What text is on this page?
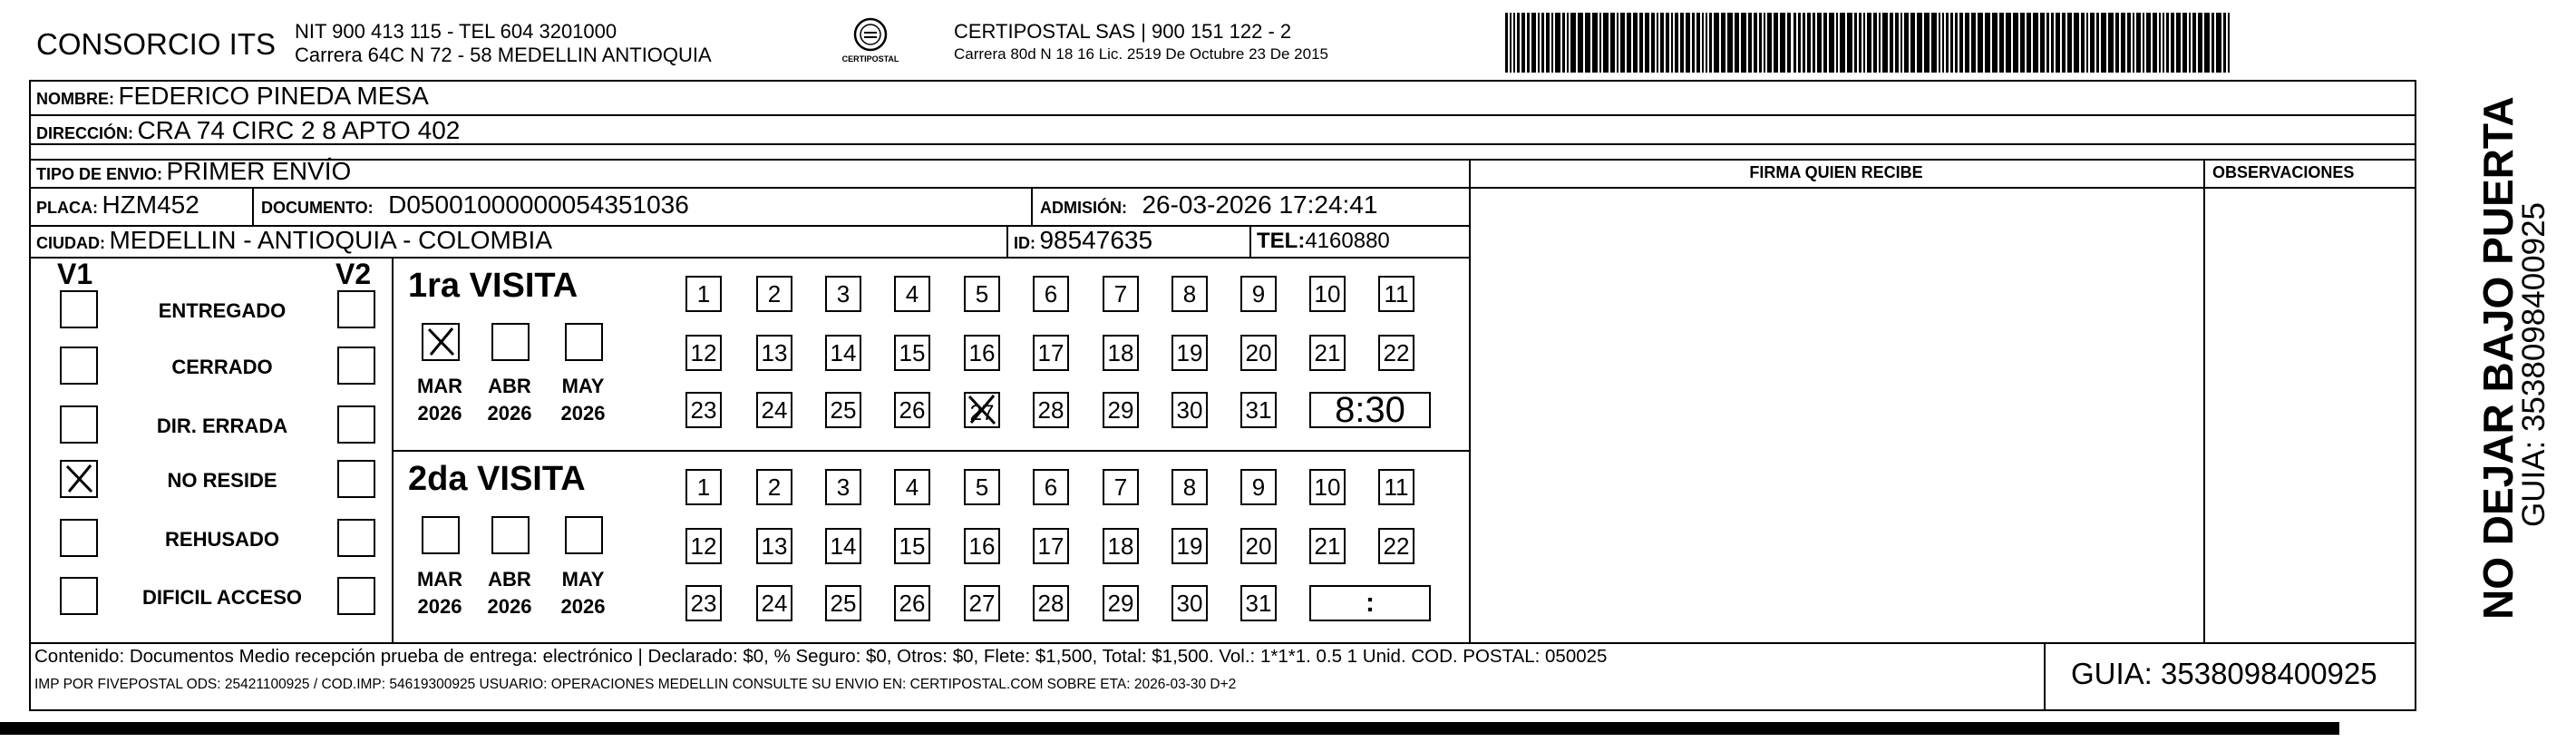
CONSORCIO ITS NIT 900 413 115 - TEL 604 3201000
Carrera 64C N 72 - 58 MEDELLIN ANTIOQUIA	CERTIPOSTAL
CERTIPOSTAL SAS | 900 151 122 - 2
Carrera 80d N 18 16 Lic. 2519 De Octubre 23 De 2015
NOMBRE: FEDERICO PINEDA MESA
DIRECCIÓN: CRA 74 CIRC 2 8 APTO 402
TIPO DE ENVIO: PRIMER ENVÍO	FIRMA QUIEN RECIBE	OBSERVACIONES
PLACA: HZM452	DOCUMENTO: D05001000000054351036	ADMISIÓN: 26-03-2026 17:24:41
CIUDAD: MEDELLIN - ANTIOQUIA - COLOMBIA	ID: 98547635	TEL:4160880
V1	V2
ENTREGADO
CERRADO
DIR. ERRADA
NO RESIDE
REHUSADO
DIFICIL ACCESO
1ra VISITA
MAR
2026
ABR
2026
MAY
2026
1	2	3	4	5	6	7	8	9	10 11
12 13 14 15 16 17 18 19 20 21 22
23 24 25 26 27 28 29 30 31	8:30
2da VISITA
MAR
2026
ABR
2026
MAY
2026
1	2	3	4	5	6	7	8	9	10 11
12 13 14 15 16 17 18 19 20 21 22
23 24 25 26 27 28 29 30 31	:
Contenido: Documentos Medio recepción prueba de entrega: electrónico | Declarado: $0, % Seguro: $0, Otros: $0, Flete: $1,500, Total: $1,500. Vol.: 1*1*1. 0.5 1 Unid. COD. POSTAL: 050025
IMP POR FIVEPOSTAL ODS: 25421100925 / COD.IMP: 54619300925 USUARIO: OPERACIONES MEDELLIN CONSULTE SU ENVIO EN: CERTIPOSTAL.COM SOBRE ETA: 2026-03-30 D+2	GUIA: 3538098400925
NO DEJAR BAJO PUERTA
GUIA: 3538098400925
